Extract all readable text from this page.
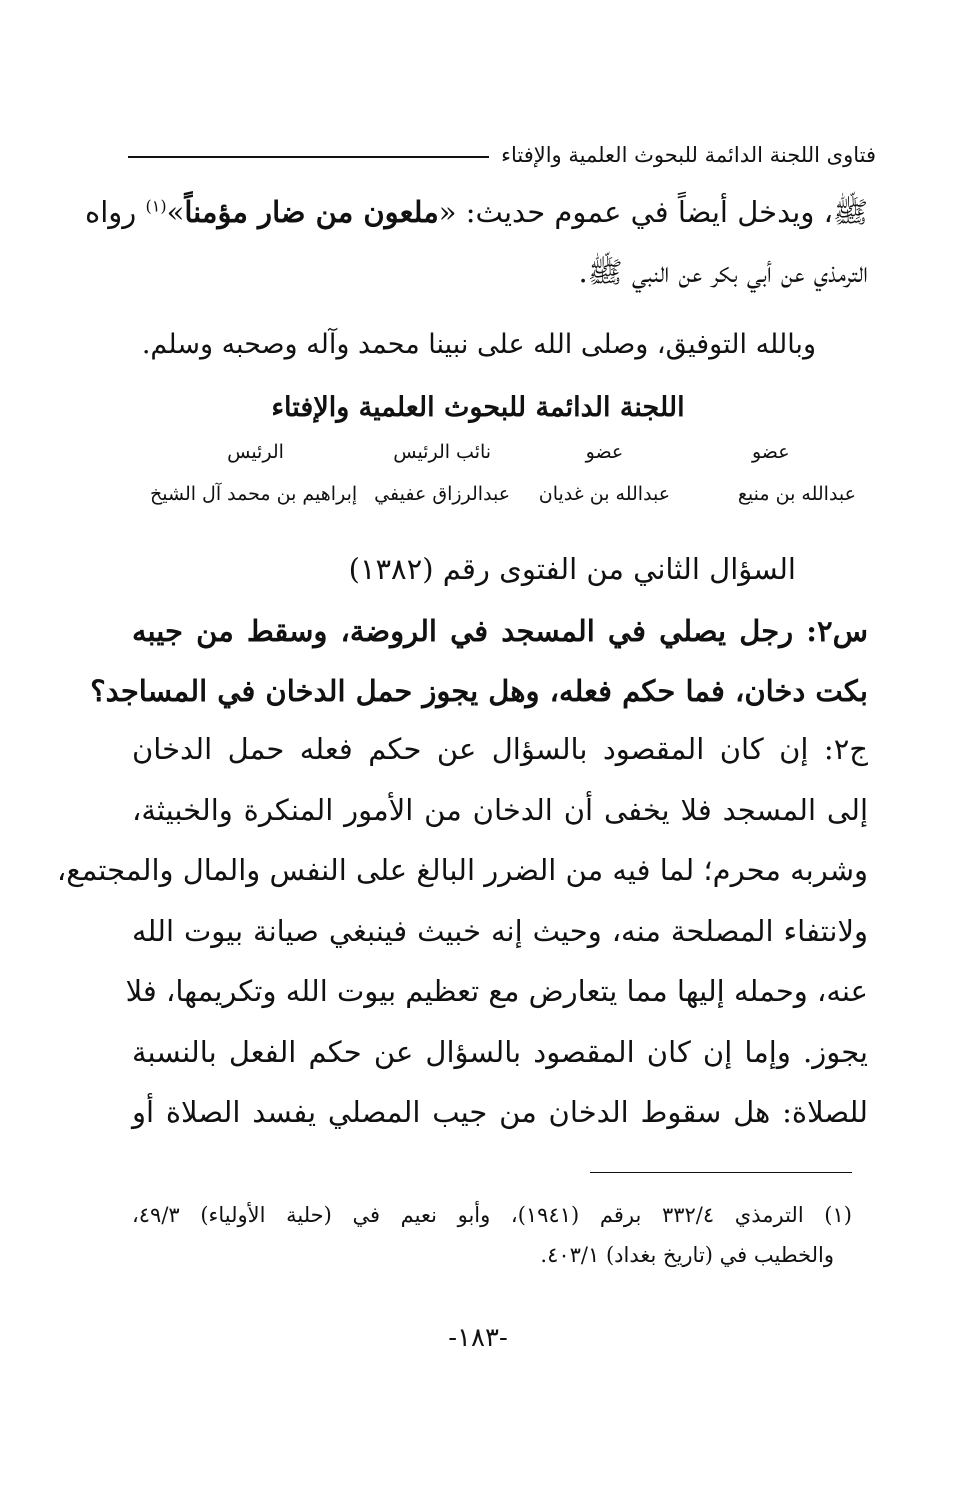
فتاوى اللجنة الدائمة للبحوث العلمية والإفتاء
ﷺ، ويدخل أيضاً في عموم حديث: «ملعون من ضار مؤمناً»$^{(١)}$ رواه
الترمذي عن أبي بكر عن النبي ﷺ.
وبالله التوفيق، وصلى الله على نبينا محمد وآله وصحبه وسلم.
اللجنة الدائمة للبحوث العلمية والإفتاء
عضو
عضو
نائب الرئيس
الرئيس
عبدالله بن منيع
عبدالله بن غديان
عبدالرزاق عفيفي
إبراهيم بن محمد آل الشيخ
السؤال الثاني من الفتوى رقم (١٣٨٢)
س٢: رجل يصلي في المسجد في الروضة، وسقط من جيبه
بكت دخان، فما حكم فعله، وهل يجوز حمل الدخان في المساجد؟
ج٢: إن كان المقصود بالسؤال عن حكم فعله حمل الدخان
إلى المسجد فلا يخفى أن الدخان من الأمور المنكرة والخبيثة،
وشربه محرم؛ لما فيه من الضرر البالغ على النفس والمال والمجتمع،
ولانتفاء المصلحة منه، وحيث إنه خبيث فينبغي صيانة بيوت الله
عنه، وحمله إليها مما يتعارض مع تعظيم بيوت الله وتكريمها، فلا
يجوز. وإما إن كان المقصود بالسؤال عن حكم الفعل بالنسبة
للصلاة: هل سقوط الدخان من جيب المصلي يفسد الصلاة أو
(١) الترمذي ٣٣٢/٤ برقم (١٩٤١)، وأبو نعيم في (حلية الأولياء) ٤٩/٣،
والخطيب في (تاريخ بغداد) ٤٠٣/١.
-١٨٣-
